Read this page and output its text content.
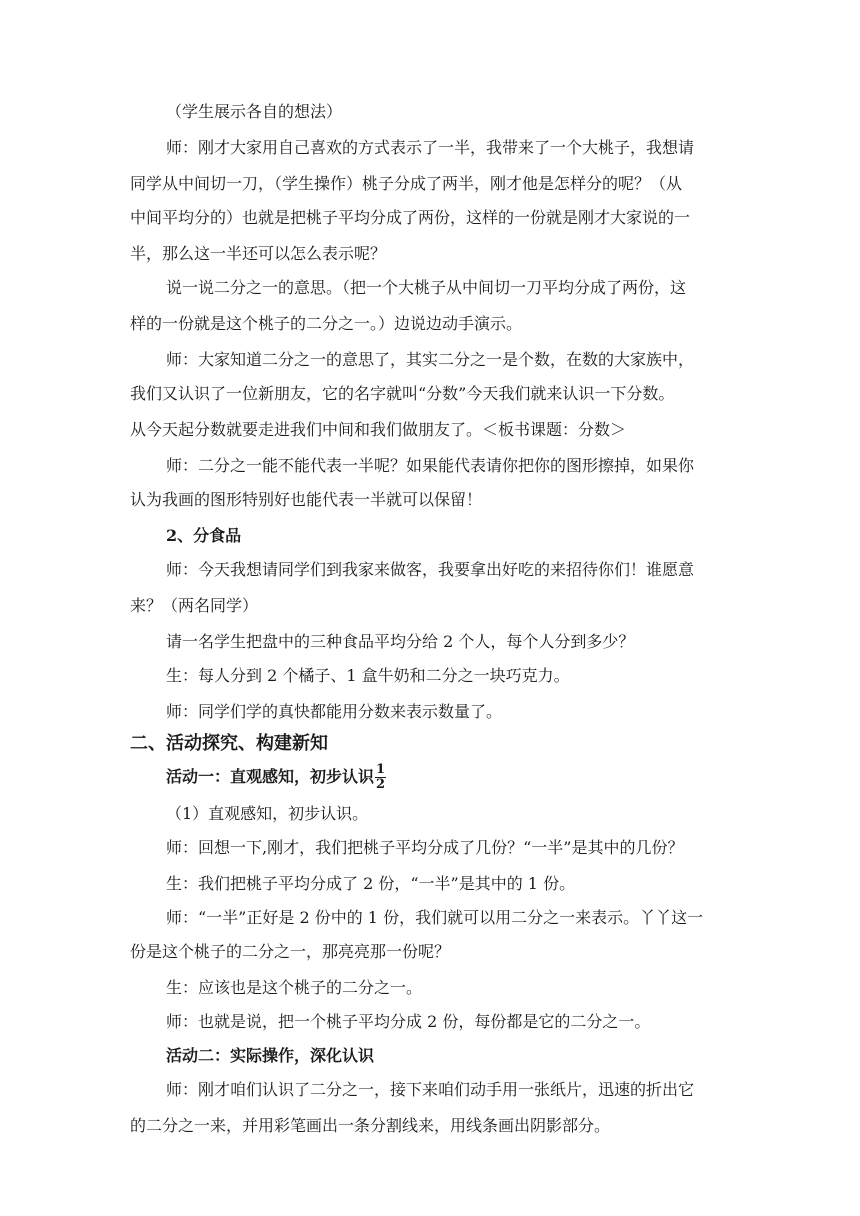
（学生展示各自的想法）
师：刚才大家用自己喜欢的方式表示了一半，我带来了一个大桃子，我想请
同学从中间切一刀，（学生操作）桃子分成了两半，刚才他是怎样分的呢？（从
中间平均分的）也就是把桃子平均分成了两份，这样的一份就是刚才大家说的一
半，那么这一半还可以怎么表示呢？
说一说二分之一的意思。（把一个大桃子从中间切一刀平均分成了两份，这
样的一份就是这个桃子的二分之一。）边说边动手演示。
师：大家知道二分之一的意思了，其实二分之一是个数，在数的大家族中，
我们又认识了一位新朋友，它的名字就叫“分数”今天我们就来认识一下分数。
从今天起分数就要走进我们中间和我们做朋友了。＜板书课题：分数＞
师：二分之一能不能代表一半呢？如果能代表请你把你的图形擦掉，如果你
认为我画的图形特别好也能代表一半就可以保留！
2、分食品
师：今天我想请同学们到我家来做客，我要拿出好吃的来招待你们！谁愿意
来？（两名同学）
请一名学生把盘中的三种食品平均分给 2 个人，每个人分到多少？
生：每人分到 2 个橘子、1 盒牛奶和二分之一块巧克力。
师：同学们学的真快都能用分数来表示数量了。
二、活动探究、构建新知
活动一：直观感知，初步认识 $\frac{1}{2}$
（1）直观感知，初步认识。
师：回想一下,刚才，我们把桃子平均分成了几份？“一半”是其中的几份？
生：我们把桃子平均分成了 2 份，“一半”是其中的 1 份。
师：“一半”正好是 2 份中的 1 份，我们就可以用二分之一来表示。丫丫这一
份是这个桃子的二分之一，那亮亮那一份呢？
生：应该也是这个桃子的二分之一。
师：也就是说，把一个桃子平均分成 2 份，每份都是它的二分之一。
活动二：实际操作，深化认识
师：刚才咱们认识了二分之一，接下来咱们动手用一张纸片，迅速的折出它
的二分之一来，并用彩笔画出一条分割线来，用线条画出阴影部分。
